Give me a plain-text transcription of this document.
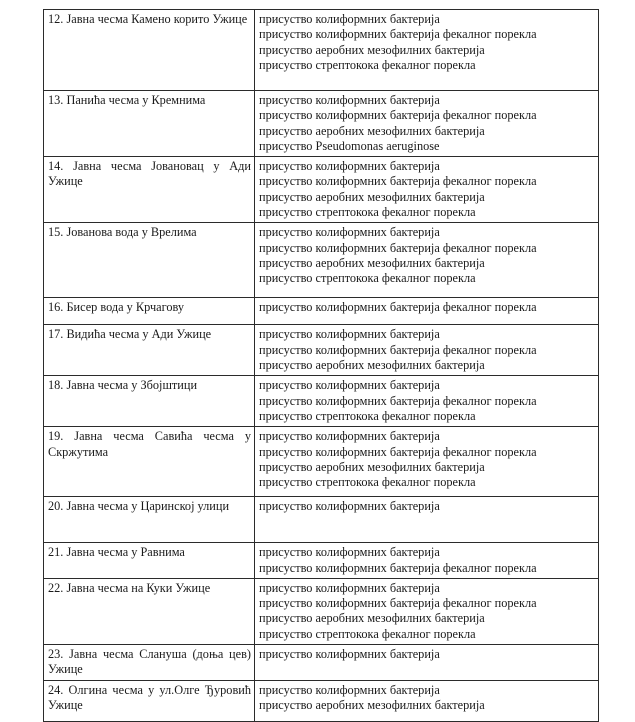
12. Јавна чесма Камено корито Ужице	присуство колиформних бактерија
присуство колиформних бактерија фекалног порекла
присуство аеробних мезофилних бактерија
присуство стрептокока фекалног порекла

13. Панића чесма у Кремнима	присуство колиформних бактерија
присуство колиформних бактерија фекалног порекла
присуство аеробних мезофилних бактерија
присуство Pseudomonas aeruginose

14. Јавна чесма Јовановац у Ади Ужице	присуство колиформних бактерија
присуство колиформних бактерија фекалног порекла
присуство аеробних мезофилних бактерија
присуство стрептокока фекалног порекла

15. Јованова вода у Врелима	присуство колиформних бактерија
присуство колиформних бактерија фекалног порекла
присуство аеробних мезофилних бактерија
присуство стрептокока фекалног порекла

16. Бисер вода у Крчагову	присуство колиформних бактерија фекалног порекла

17. Видића чесма у Ади Ужице	присуство колиформних бактерија
присуство колиформних бактерија фекалног порекла
присуство аеробних мезофилних бактерија

18. Јавна чесма у Збојштици	присуство колиформних бактерија
присуство колиформних бактерија фекалног порекла
присуство стрептокока фекалног порекла

19. Јавна чесма Савића чесма у Скржутима	присуство колиформних бактерија
присуство колиформних бактерија фекалног порекла
присуство аеробних мезофилних бактерија
присуство стрептокока фекалног порекла

20. Јавна чесма у Царинској улици	присуство колиформних бактерија

21. Јавна чесма у Равнима	присуство колиформних бактерија
присуство колиформних бактерија фекалног порекла

22. Јавна чесма на Куки Ужице	присуство колиформних бактерија
присуство колиформних бактерија фекалног порекла
присуство аеробних мезофилних бактерија
присуство стрептокока фекалног порекла

23. Јавна чесма Слануша (доња цев) Ужице	присуство колиформних бактерија

24. Олгина чесма у ул.Олге Ђуровић Ужице	присуство колиформних бактерија
присуство аеробних мезофилних бактерија
